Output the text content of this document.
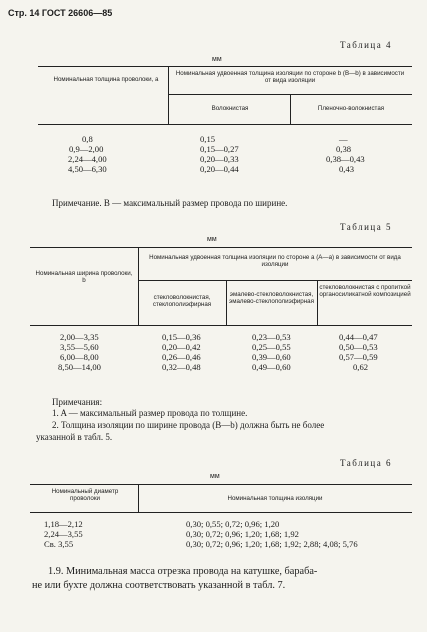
Стр. 14 ГОСТ 26606—85
Таблица 4
мм
Номинальная толщина проволоки, a
Номинальная удвоенная толщина изоляции по стороне b (B—b) в зависимости от вида изоляции
Волокнистая	Пленочно-волокнистая
0,8	0,15	—
0,9—2,00	0,15—0,27	0,38
2,24—4,00	0,20—0,33	0,38—0,43
4,50—6,30	0,20—0,44	0,43
Примечание. B — максимальный размер провода по ширине.
Таблица 5
мм
Номинальная ширина проволоки, b
Номинальная удвоенная толщина изоляции по стороне a (A—a) в зависимости от вида изоляции
стекловолокнистая, стеклополиэфирная
эмалево-стекловолокнистая, эмалево-стеклополиэфирная
стекловолокнистая с пропиткой органосиликатной композицией
2,00—3,35	0,15—0,36	0,23—0,53	0,44—0,47
3,55—5,60	0,20—0,42	0,25—0,55	0,50—0,53
6,00—8,00	0,26—0,46	0,39—0,60	0,57—0,59
8,50—14,00	0,32—0,48	0,49—0,60	0,62
Примечания:
1. A — максимальный размер провода по толщине.
2. Толщина изоляции по ширине провода (B—b) должна быть не более
указанной в табл. 5.
Таблица 6
мм
Номинальный диаметр проволоки	Номинальная толщина изоляции
1,18—2,12	0,30; 0,55; 0,72; 0,96; 1,20
2,24—3,55	0,30; 0,72; 0,96; 1,20; 1,68; 1,92
Св. 3,55	0,30; 0,72; 0,96; 1,20; 1,68; 1,92; 2,88; 4,08; 5,76
1.9. Минимальная масса отрезка провода на катушке, бараба-
не или бухте должна соответствовать указанной в табл. 7.
